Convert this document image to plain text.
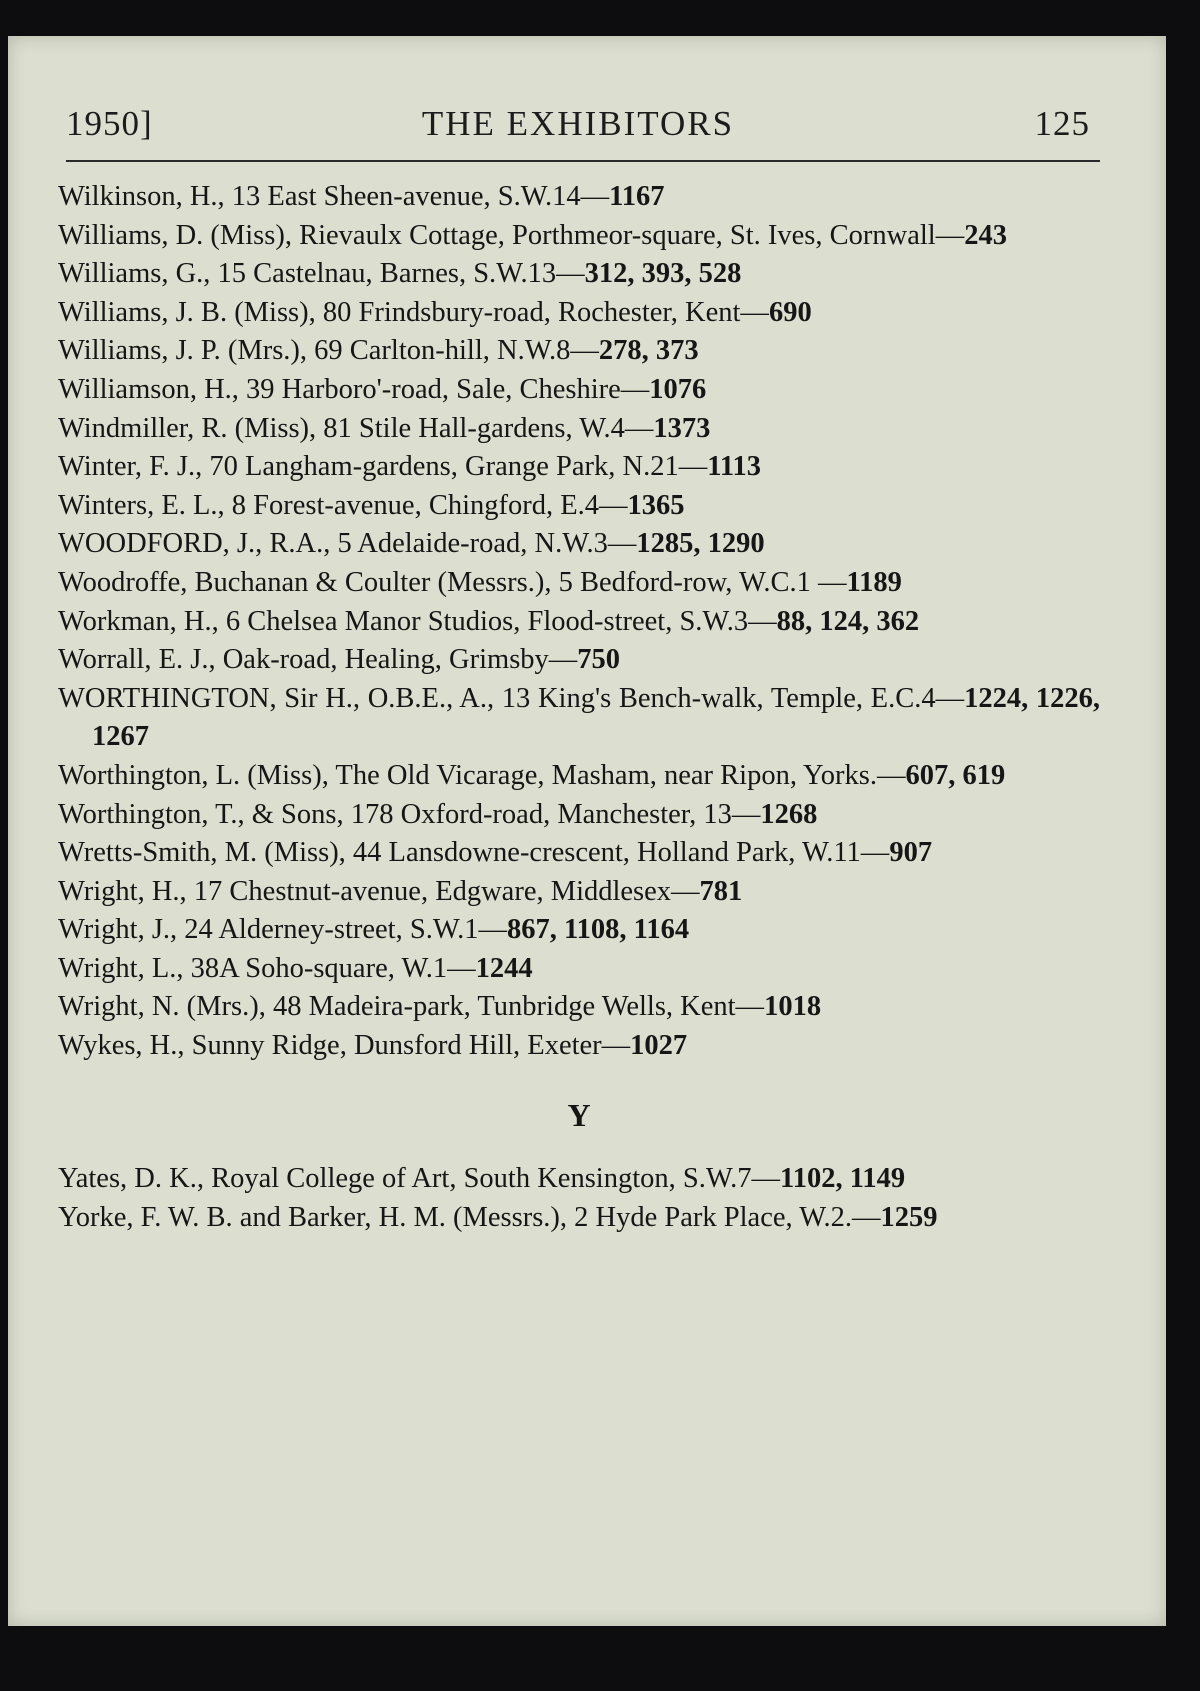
1950]	THE EXHIBITORS	125
Wilkinson, H., 13 East Sheen-avenue, S.W.14—1167
Williams, D. (Miss), Rievaulx Cottage, Porthmeor-square, St. Ives, Cornwall—243
Williams, G., 15 Castelnau, Barnes, S.W.13—312, 393, 528
Williams, J. B. (Miss), 80 Frindsbury-road, Rochester, Kent—690
Williams, J. P. (Mrs.), 69 Carlton-hill, N.W.8—278, 373
Williamson, H., 39 Harboro'-road, Sale, Cheshire—1076
Windmiller, R. (Miss), 81 Stile Hall-gardens, W.4—1373
Winter, F. J., 70 Langham-gardens, Grange Park, N.21—1113
Winters, E. L., 8 Forest-avenue, Chingford, E.4—1365
WOODFORD, J., R.A., 5 Adelaide-road, N.W.3—1285, 1290
Woodroffe, Buchanan & Coulter (Messrs.), 5 Bedford-row, W.C.1 —1189
Workman, H., 6 Chelsea Manor Studios, Flood-street, S.W.3—88, 124, 362
Worrall, E. J., Oak-road, Healing, Grimsby—750
WORTHINGTON, Sir H., O.B.E., A., 13 King's Bench-walk, Temple, E.C.4—1224, 1226, 1267
Worthington, L. (Miss), The Old Vicarage, Masham, near Ripon, Yorks.—607, 619
Worthington, T., & Sons, 178 Oxford-road, Manchester, 13—1268
Wretts-Smith, M. (Miss), 44 Lansdowne-crescent, Holland Park, W.11—907
Wright, H., 17 Chestnut-avenue, Edgware, Middlesex—781
Wright, J., 24 Alderney-street, S.W.1—867, 1108, 1164
Wright, L., 38A Soho-square, W.1—1244
Wright, N. (Mrs.), 48 Madeira-park, Tunbridge Wells, Kent—1018
Wykes, H., Sunny Ridge, Dunsford Hill, Exeter—1027
Y
Yates, D. K., Royal College of Art, South Kensington, S.W.7—1102, 1149
Yorke, F. W. B. and Barker, H. M. (Messrs.), 2 Hyde Park Place, W.2.—1259
